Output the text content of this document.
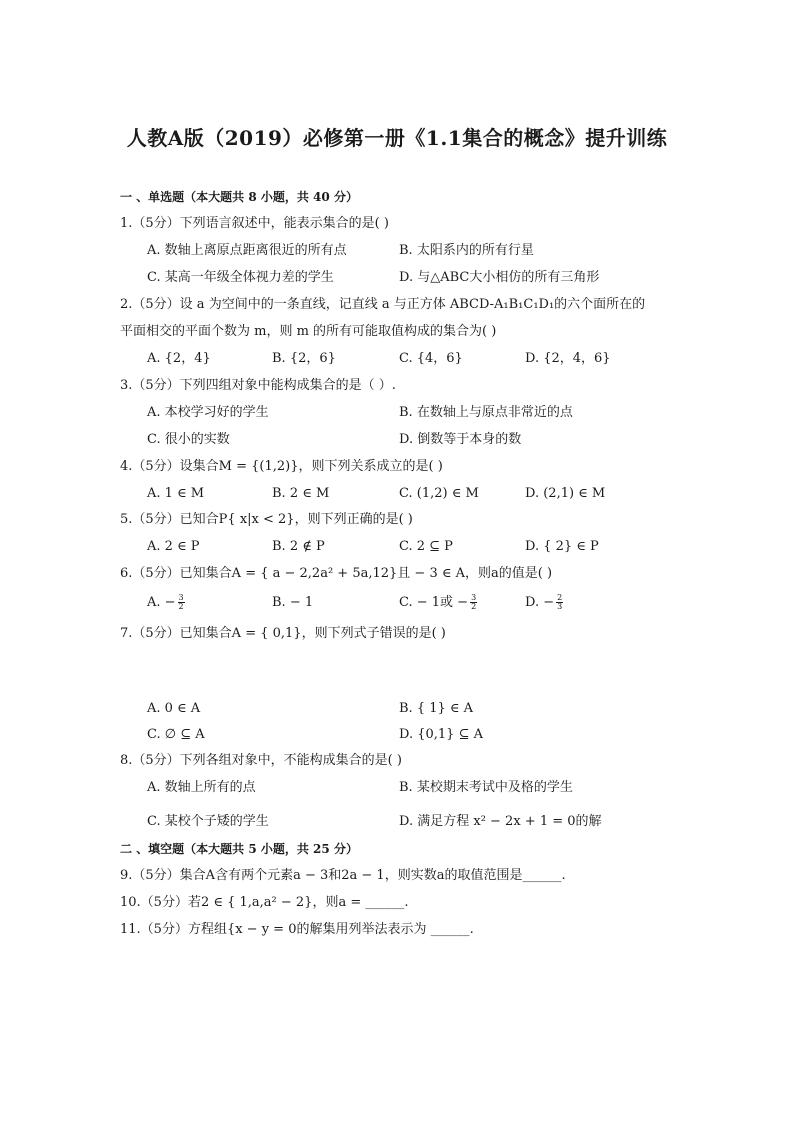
人教A版（2019）必修第一册《1.1集合的概念》提升训练
一 、单选题（本大题共 8 小题，共 40 分）
1.（5分）下列语言叙述中，能表示集合的是( )
A. 数轴上离原点距离很近的所有点	B. 太阳系内的所有行星
C. 某高一年级全体视力差的学生	D. 与△ABC大小相仿的所有三角形
2.（5分）设 a 为空间中的一条直线，记直线 a 与正方体 ABCD-A₁B₁C₁D₁的六个面所在的
平面相交的平面个数为 m，则 m 的所有可能取值构成的集合为( )
A. {2，4}	B. {2，6}	C. {4，6}	D. {2，4，6}
3.（5分）下列四组对象中能构成集合的是（ ）.
A. 本校学习好的学生	B. 在数轴上与原点非常近的点
C. 很小的实数	D. 倒数等于本身的数
4.（5分）设集合M = {(1,2)}，则下列关系成立的是( )
A. 1 ∈ M	B. 2 ∈ M	C. (1,2) ∈ M	D. (2,1) ∈ M
5.（5分）已知合P{ x|x < 2}，则下列正确的是( )
A. 2 ∈ P	B. 2 ∉ P	C. 2 ⊆ P	D. { 2} ∈ P
6.（5分）已知集合A = { a − 2,2a² + 5a,12}且 − 3 ∈ A，则a的值是( )
A. − $\frac{3}{2}$	B. − 1	C. − 1或 − $\frac{3}{2}$	D. − $\frac{2}{3}$
7.（5分）已知集合A = { 0,1}，则下列式子错误的是( )
A. 0 ∈ A	B. { 1} ∈ A
C. ∅ ⊆ A	D. {0,1} ⊆ A
8.（5分）下列各组对象中，不能构成集合的是( )
A. 数轴上所有的点	B. 某校期末考试中及格的学生
C. 某校个子矮的学生	D. 满足方程 x² − 2x + 1 = 0的解
二 、填空题（本大题共 5 小题，共 25 分）
9.（5分）集合A含有两个元素a − 3和2a − 1，则实数a的取值范围是______.
10.（5分）若2 ∈ { 1,a,a² − 2}，则a = ______.
11.（5分）方程组{x − y = 0的解集用列举法表示为 ______.
